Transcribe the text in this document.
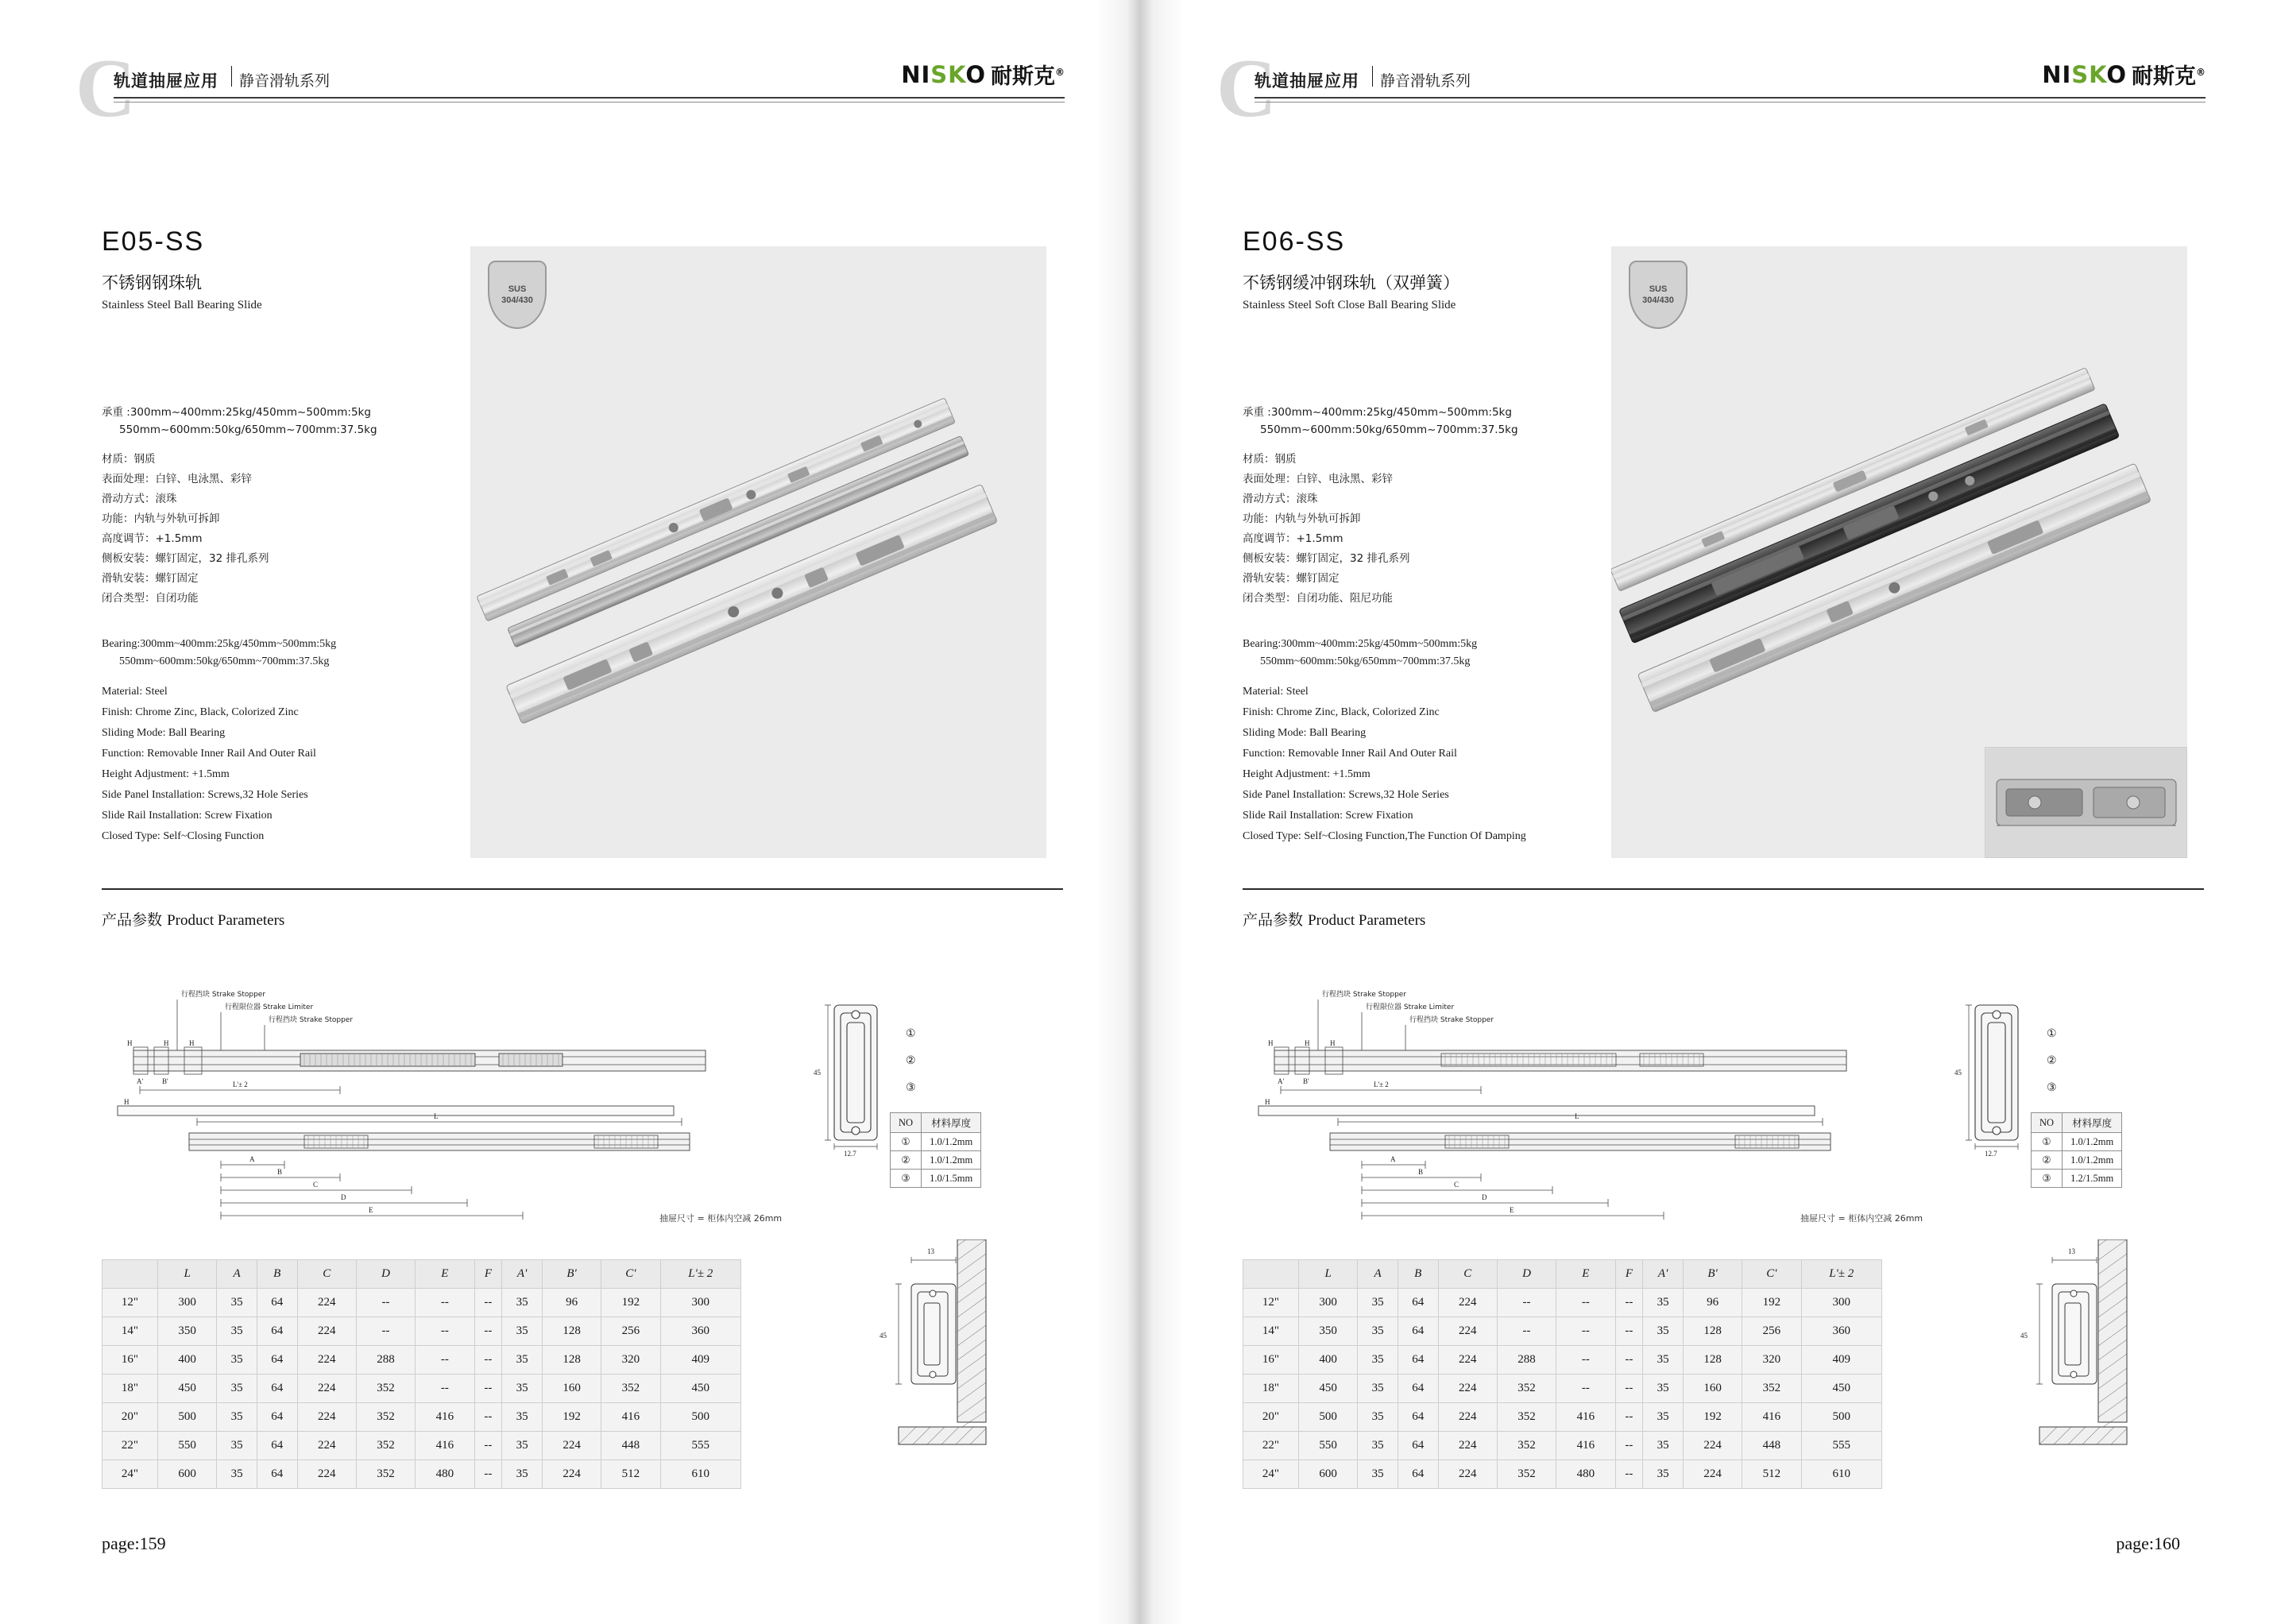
C
轨道抽屉应用 静音滑轨系列	NISKO 耐斯克®
E05-SS
不锈钢钢珠轨
Stainless Steel Ball Bearing Slide
SUS
304/430
承重 :300mm~400mm:25kg/450mm~500mm:5kg
550mm~600mm:50kg/650mm~700mm:37.5kg
材质：钢质
表面处理：白锌、电泳黑、彩锌
滑动方式：滚珠
功能：内轨与外轨可拆卸
高度调节：+1.5mm
侧板安装：螺钉固定，32 排孔系列
滑轨安装：螺钉固定
闭合类型：自闭功能
Bearing:300mm~400mm:25kg/450mm~500mm:5kg
550mm~600mm:50kg/650mm~700mm:37.5kg
Material: Steel
Finish: Chrome Zinc, Black, Colorized Zinc
Sliding Mode: Ball Bearing
Function: Removable Inner Rail And Outer Rail
Height Adjustment: +1.5mm
Side Panel Installation: Screws,32 Hole Series
Slide Rail Installation: Screw Fixation
Closed Type: Self~Closing Function
产品参数 Product Parameters
行程挡块 Strake Stopper
行程限位器 Strake Limiter
行程挡块 Strake Stopper
L'± 2
L
A
B
C
D
E
H	H	H
A'	B'
H
45
12.7
①
②
③
NO	材料厚度
①	1.0/1.2mm
②	1.0/1.2mm
③	1.0/1.5mm
抽屉尺寸 = 柜体内空减 26mm
	L	A	B	C	D	E	F	A'	B'	C'	L'± 2
12"	300	35	64	224	--	--	--	35	96	192	300
14"	350	35	64	224	--	--	--	35	128	256	360
16"	400	35	64	224	288	--	--	35	128	320	409
18"	450	35	64	224	352	--	--	35	160	352	450
20"	500	35	64	224	352	416	--	35	192	416	500
22"	550	35	64	224	352	416	--	35	224	448	555
24"	600	35	64	224	352	480	--	35	224	512	610
13
45
page:159
C
轨道抽屉应用 静音滑轨系列	NISKO 耐斯克®
E06-SS
不锈钢缓冲钢珠轨（双弹簧）
Stainless Steel Soft Close Ball Bearing Slide
SUS
304/430
承重 :300mm~400mm:25kg/450mm~500mm:5kg
550mm~600mm:50kg/650mm~700mm:37.5kg
材质：钢质
表面处理：白锌、电泳黑、彩锌
滑动方式：滚珠
功能：内轨与外轨可拆卸
高度调节：+1.5mm
侧板安装：螺钉固定，32 排孔系列
滑轨安装：螺钉固定
闭合类型：自闭功能、阻尼功能
Bearing:300mm~400mm:25kg/450mm~500mm:5kg
550mm~600mm:50kg/650mm~700mm:37.5kg
Material: Steel
Finish: Chrome Zinc, Black, Colorized Zinc
Sliding Mode: Ball Bearing
Function: Removable Inner Rail And Outer Rail
Height Adjustment: +1.5mm
Side Panel Installation: Screws,32 Hole Series
Slide Rail Installation: Screw Fixation
Closed Type: Self~Closing Function,The Function Of Damping
产品参数 Product Parameters
行程挡块 Strake Stopper
行程限位器 Strake Limiter
行程挡块 Strake Stopper
L'± 2
L
A
B
C
D
E
H	H	H
A'	B'
H
45
12.7
①
②
③
NO	材料厚度
①	1.0/1.2mm
②	1.0/1.2mm
③	1.2/1.5mm
抽屉尺寸 = 柜体内空减 26mm
	L	A	B	C	D	E	F	A'	B'	C'	L'± 2
12"	300	35	64	224	--	--	--	35	96	192	300
14"	350	35	64	224	--	--	--	35	128	256	360
16"	400	35	64	224	288	--	--	35	128	320	409
18"	450	35	64	224	352	--	--	35	160	352	450
20"	500	35	64	224	352	416	--	35	192	416	500
22"	550	35	64	224	352	416	--	35	224	448	555
24"	600	35	64	224	352	480	--	35	224	512	610
13
45
page:160
